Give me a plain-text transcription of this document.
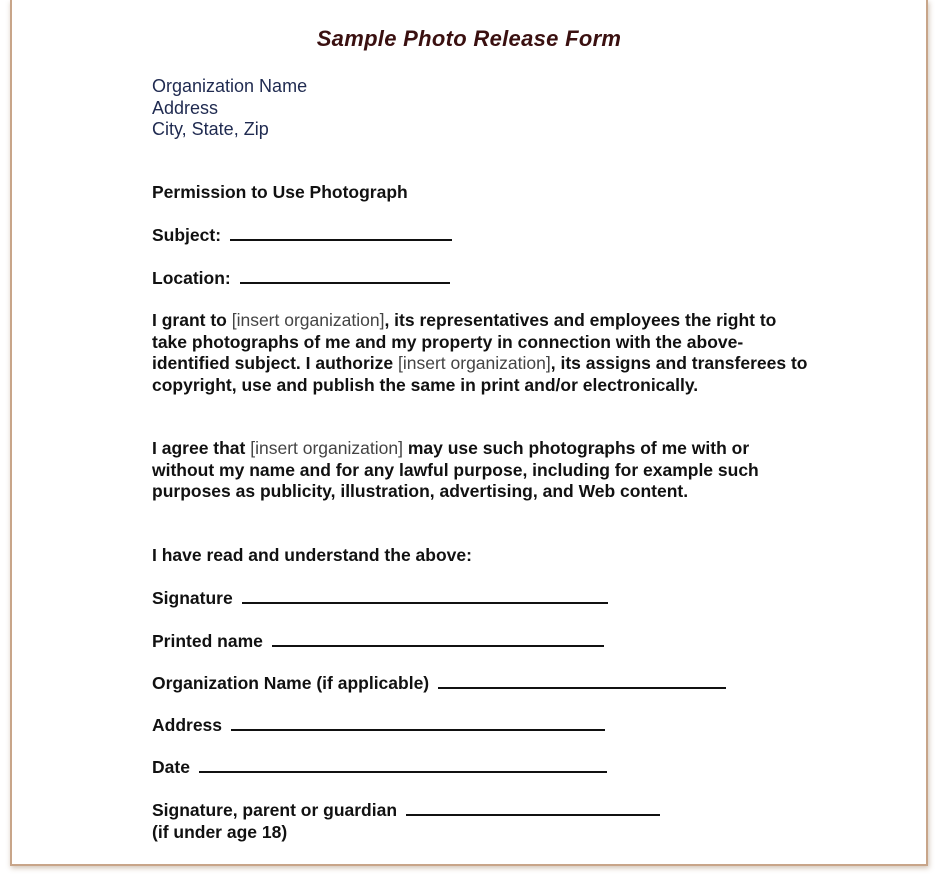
Sample Photo Release Form
Organization Name
Address
City, State, Zip
Permission to Use Photograph
Subject:
Location:
I grant to [insert organization], its representatives and employees the right to take photographs of me and my property in connection with the above-identified subject. I authorize [insert organization], its assigns and transferees to copyright, use and publish the same in print and/or electronically.
I agree that [insert organization] may use such photographs of me with or without my name and for any lawful purpose, including for example such purposes as publicity, illustration, advertising, and Web content.
I have read and understand the above:
Signature
Printed name
Organization Name (if applicable)
Address
Date
Signature, parent or guardian
(if under age 18)
